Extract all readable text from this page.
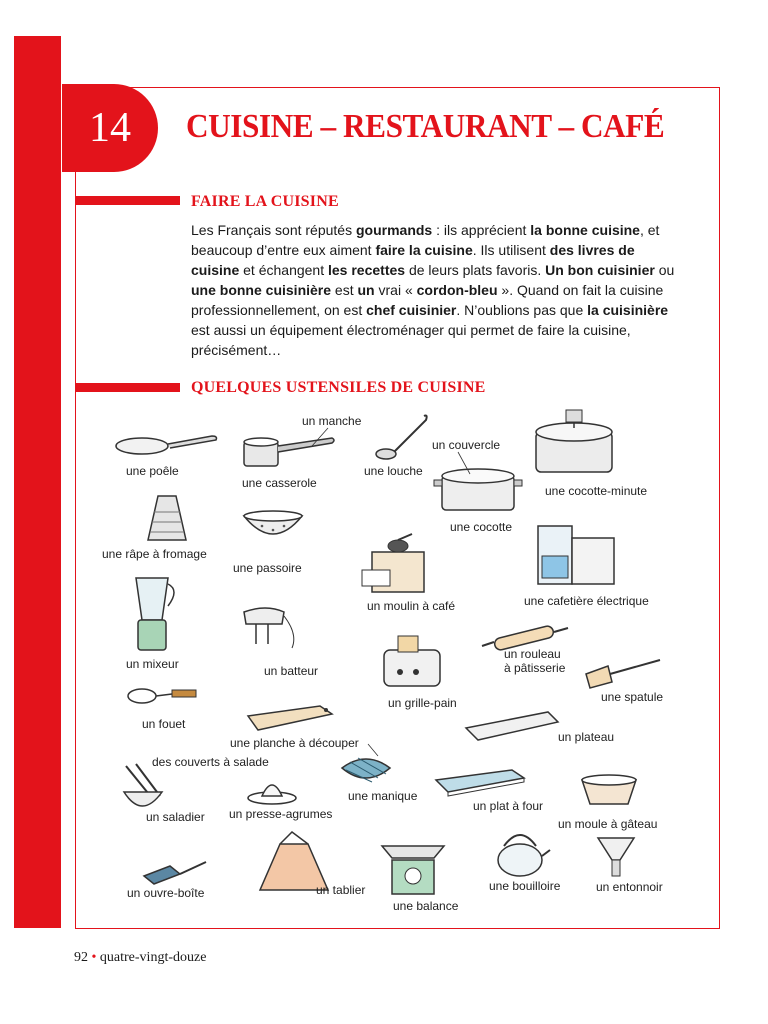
14 CUISINE – RESTAURANT – CAFÉ
FAIRE LA CUISINE
Les Français sont réputés gourmands : ils apprécient la bonne cuisine, et beaucoup d’entre eux aiment faire la cuisine. Ils utilisent des livres de cuisine et échangent les recettes de leurs plats favoris. Un bon cuisinier ou une bonne cuisinière est un vrai « cordon-bleu ». Quand on fait la cuisine professionnellement, on est chef cuisinier. N’oublions pas que la cuisinière est aussi un équipement électroménager qui permet de faire la cuisine, précisément…
QUELQUES USTENSILES DE CUISINE
une poêle
une casserole
un manche
une louche
un couvercle
une cocotte
une cocotte-minute
une râpe à fromage
une passoire
un moulin à café	une cafetière électrique
un mixeur	un batteur
un grille-pain
un rouleau
à pâtisserie
une spatule
un fouet
une planche à découper	un plateau
des couverts à salade
un saladier un presse-agrumes
une manique
un plat à four
un moule à gâteau
un ouvre-boîte	un tablier
une balance
une bouilloire	un entonnoir
92 • quatre-vingt-douze
